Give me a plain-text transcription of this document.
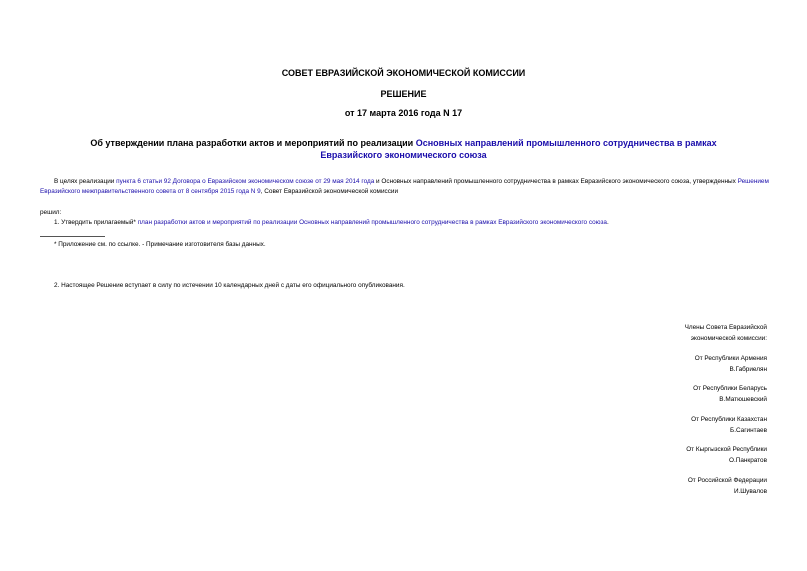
СОВЕТ ЕВРАЗИЙСКОЙ ЭКОНОМИЧЕСКОЙ КОМИССИИ
РЕШЕНИЕ
от 17 марта 2016 года N 17
Об утверждении плана разработки актов и мероприятий по реализации Основных направлений промышленного сотрудничества в рамках Евразийского экономического союза
В целях реализации пункта 6 статьи 92 Договора о Евразийском экономическом союзе от 29 мая 2014 года и Основных направлений промышленного сотрудничества в рамках Евразийского экономического союза, утвержденных Решением Евразийского межправительственного совета от 8 сентября 2015 года N 9, Совет Евразийской экономической комиссии
решил:
1. Утвердить прилагаемый* план разработки актов и мероприятий по реализации Основных направлений промышленного сотрудничества в рамках Евразийского экономического союза.
* Приложение см. по ссылке. - Примечание изготовителя базы данных.
2. Настоящее Решение вступает в силу по истечении 10 календарных дней с даты его официального опубликования.
Члены Совета Евразийской
экономической комиссии:
От Республики Армения
В.Габриелян
От Республики Беларусь
В.Матюшевский
От Республики Казахстан
Б.Сагинтаев
От Кыргызской Республики
О.Панкратов
От Российской Федерации
И.Шувалов
